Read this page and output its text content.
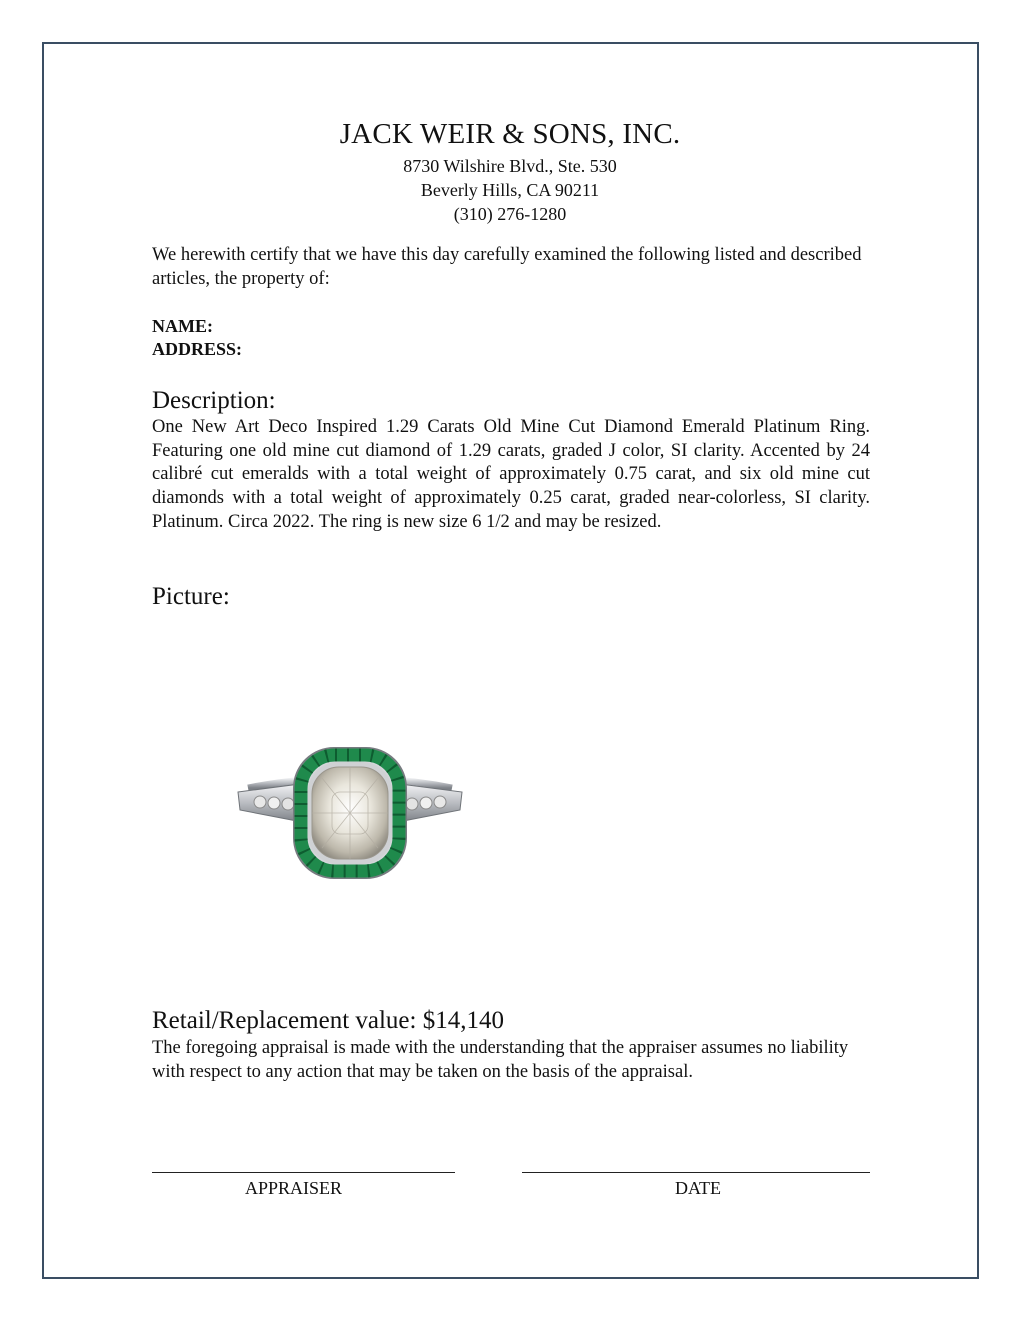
JACK WEIR & SONS, INC.
8730 Wilshire Blvd., Ste. 530
Beverly Hills, CA 90211
(310) 276-1280
We herewith certify that we have this day carefully examined the following listed and described articles, the property of:
NAME:
ADDRESS:
Description:
One New Art Deco Inspired 1.29 Carats Old Mine Cut Diamond Emerald Platinum Ring. Featuring one old mine cut diamond of 1.29 carats, graded J color, SI clarity. Accented by 24 calibré cut emeralds with a total weight of approximately 0.75 carat, and six old mine cut diamonds with a total weight of approximately 0.25 carat, graded near-colorless, SI clarity. Platinum. Circa 2022. The ring is new size 6 1/2 and may be resized.
Picture:
Retail/Replacement value: $14,140
The foregoing appraisal is made with the understanding that the appraiser assumes no liability with respect to any action that may be taken on the basis of the appraisal.
APPRAISER	DATE
